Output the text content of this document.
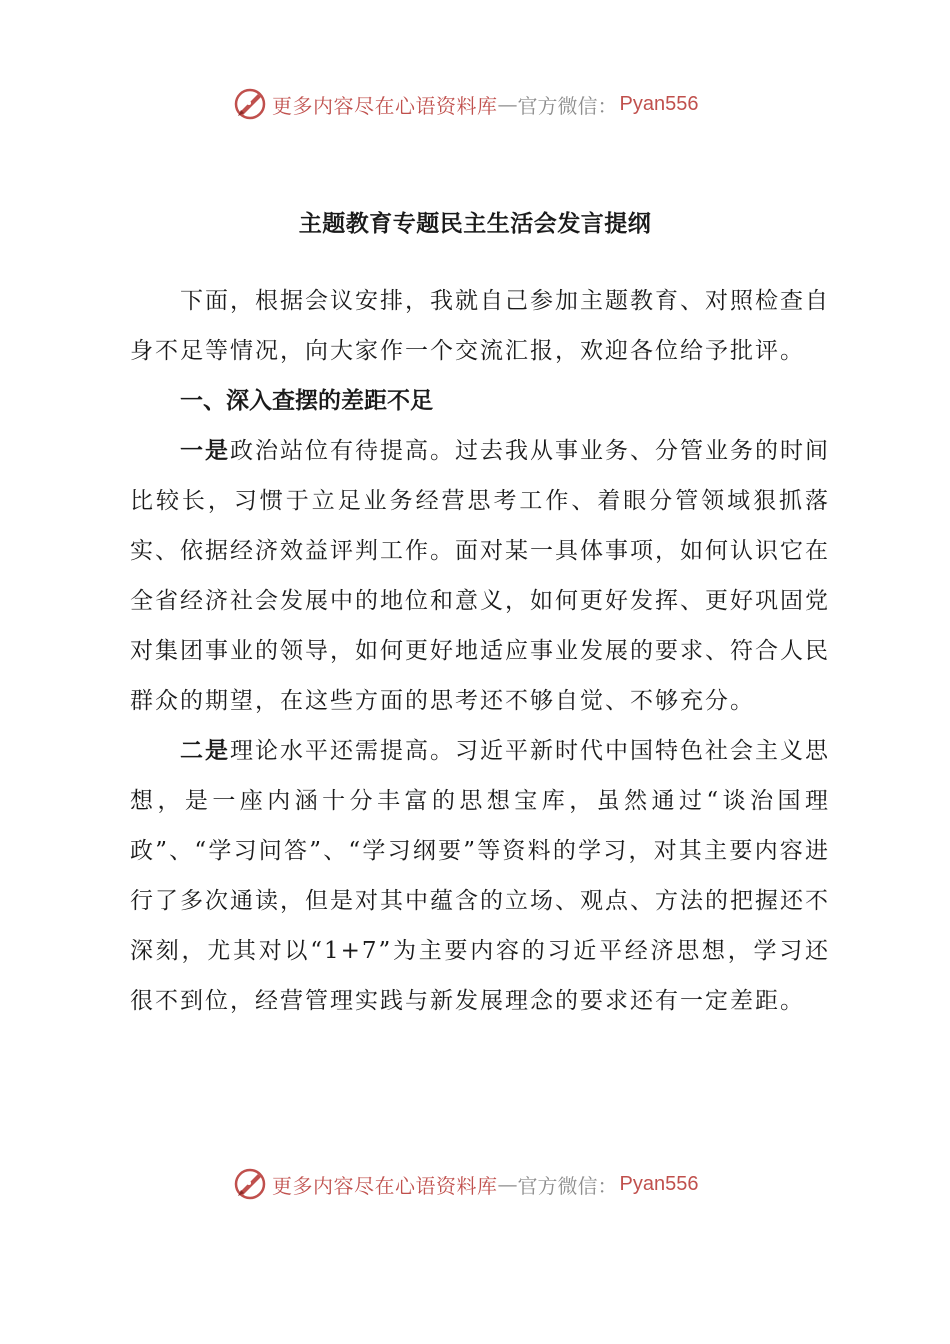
更多内容尽在心语资料库 — 官方微信： Pyan556
主题教育专题民主生活会发言提纲

下面，根据会议安排，我就自己参加主题教育、对照检查自身不足等情况，向大家作一个交流汇报，欢迎各位给予批评。

一、深入查摆的差距不足

一是政治站位有待提高。过去我从事业务、分管业务的时间比较长，习惯于立足业务经营思考工作、着眼分管领域狠抓落实、依据经济效益评判工作。面对某一具体事项，如何认识它在全省经济社会发展中的地位和意义，如何更好发挥、更好巩固党对集团事业的领导，如何更好地适应事业发展的要求、符合人民群众的期望，在这些方面的思考还不够自觉、不够充分。

二是理论水平还需提高。习近平新时代中国特色社会主义思想，是一座内涵十分丰富的思想宝库，虽然通过“谈治国理政”、“学习问答”、“学习纲要”等资料的学习，对其主要内容进行了多次通读，但是对其中蕴含的立场、观点、方法的把握还不深刻，尤其对以“1+7”为主要内容的习近平经济思想，学习还很不到位，经营管理实践与新发展理念的要求还有一定差距。

更多内容尽在心语资料库 — 官方微信： Pyan556
